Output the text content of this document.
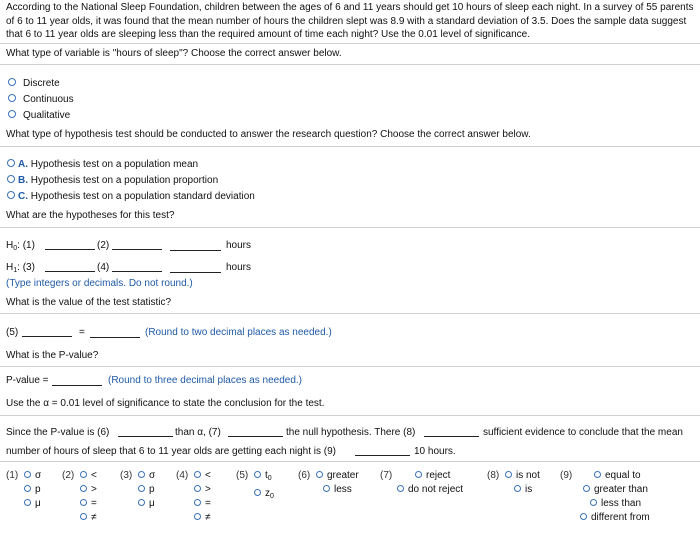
According to the National Sleep Foundation, children between the ages of 6 and 11 years should get 10 hours of sleep each night. In a survey of 55 parents of 6 to 11 year olds, it was found that the mean number of hours the children slept was 8.9 with a standard deviation of 3.5. Does the sample data suggest that 6 to 11 year olds are sleeping less than the required amount of time each night? Use the 0.01 level of significance.
What type of variable is "hours of sleep"? Choose the correct answer below.
Discrete
Continuous
Qualitative
What type of hypothesis test should be conducted to answer the research question? Choose the correct answer below.
A. Hypothesis test on a population mean
B. Hypothesis test on a population proportion
C. Hypothesis test on a population standard deviation
What are the hypotheses for this test?
$H_0$: (1)	(2)	hours
$H_1$: (3)	(4)	hours
(Type integers or decimals. Do not round.)
What is the value of the test statistic?
(5)	=	(Round to two decimal places as needed.)
What is the P-value?
P-value =	(Round to three decimal places as needed.)
Use the α = 0.01 level of significance to state the conclusion for the test.
Since the P-value is (6)	than α, (7)	the null hypothesis. There (8)	sufficient evidence to conclude that the mean
number of hours of sleep that 6 to 11 year olds are getting each night is (9)	10 hours.
(1)	σ
p
μ
(2)	<
>
=
≠
(3)	σ
p
μ
(4)	<
>
=
≠
(5)	$t_0$
$z_0$
(6)	greater
less
(7)	reject
do not reject
(8)	is not
is
(9)	equal to
greater than
less than
different from
